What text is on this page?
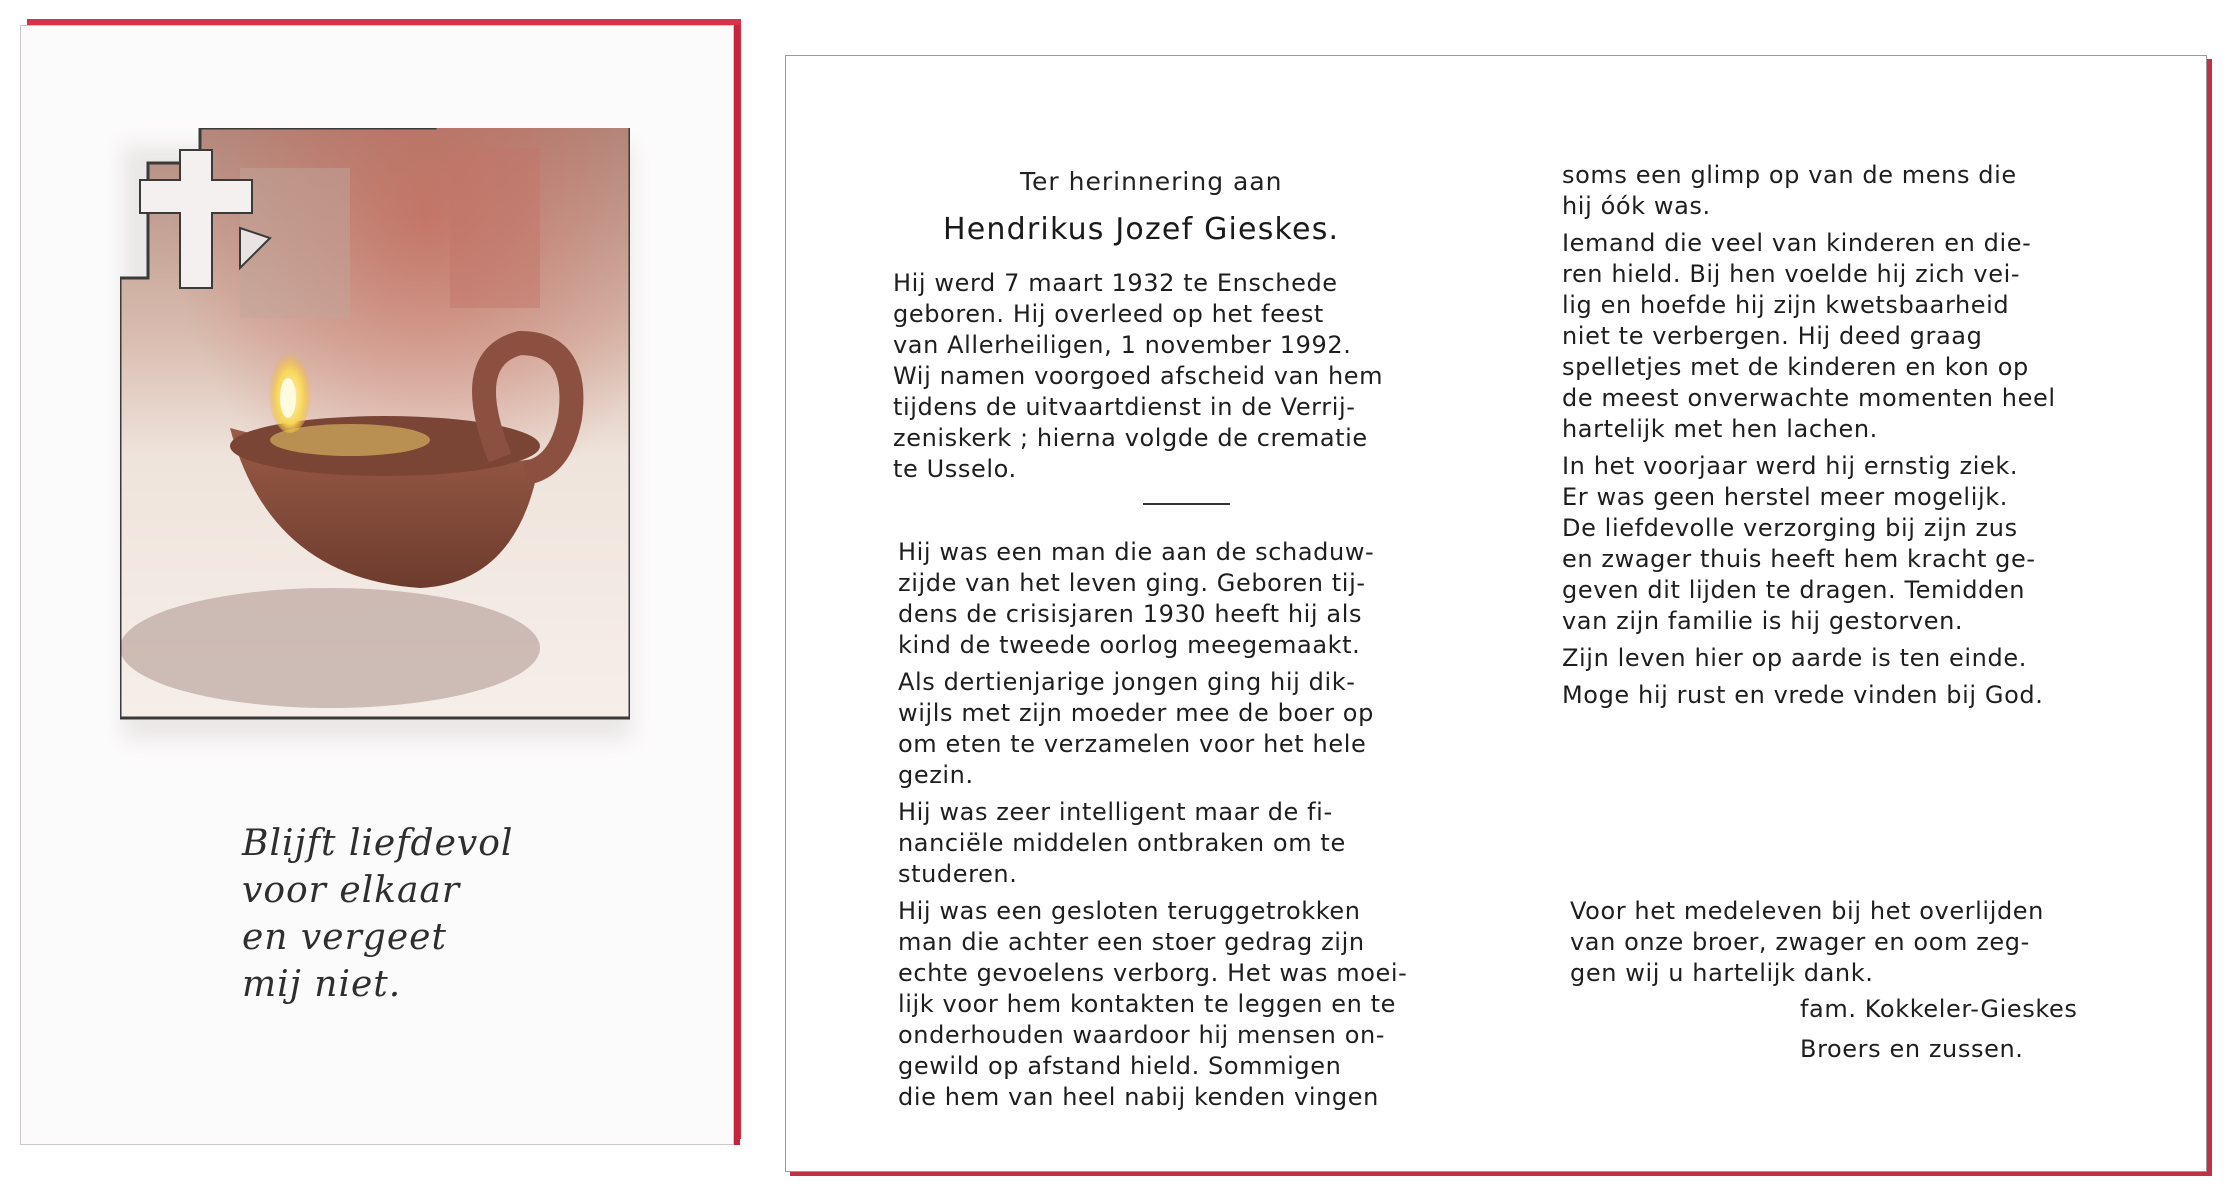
Blijft liefdevol
voor elkaar
en vergeet
mij niet.
Ter herinnering aan
Hendrikus Jozef Gieskes.

Hij werd 7 maart 1932 te Enschede
geboren. Hij overleed op het feest
van Allerheiligen, 1 november 1992.
Wij namen voorgoed afscheid van hem
tijdens de uitvaartdienst in de Verrij-
zeniskerk ; hierna volgde de crematie
te Usselo.

Hij was een man die aan de schaduw-
zijde van het leven ging. Geboren tij-
dens de crisisjaren 1930 heeft hij als
kind de tweede oorlog meegemaakt.

Als dertienjarige jongen ging hij dik-
wijls met zijn moeder mee de boer op
om eten te verzamelen voor het hele
gezin.

Hij was zeer intelligent maar de fi-
nanciële middelen ontbraken om te
studeren.

Hij was een gesloten teruggetrokken
man die achter een stoer gedrag zijn
echte gevoelens verborg. Het was moei-
lijk voor hem kontakten te leggen en te
onderhouden waardoor hij mensen on-
gewild op afstand hield. Sommigen
die hem van heel nabij kenden vingen

soms een glimp op van de mens die
hij óók was.

Iemand die veel van kinderen en die-
ren hield. Bij hen voelde hij zich vei-
lig en hoefde hij zijn kwetsbaarheid
niet te verbergen. Hij deed graag
spelletjes met de kinderen en kon op
de meest onverwachte momenten heel
hartelijk met hen lachen.

In het voorjaar werd hij ernstig ziek.
Er was geen herstel meer mogelijk.
De liefdevolle verzorging bij zijn zus
en zwager thuis heeft hem kracht ge-
geven dit lijden te dragen. Temidden
van zijn familie is hij gestorven.

Zijn leven hier op aarde is ten einde.

Moge hij rust en vrede vinden bij God.

Voor het medeleven bij het overlijden
van onze broer, zwager en oom zeg-
gen wij u hartelijk dank.

fam. Kokkeler-Gieskes
Broers en zussen.
